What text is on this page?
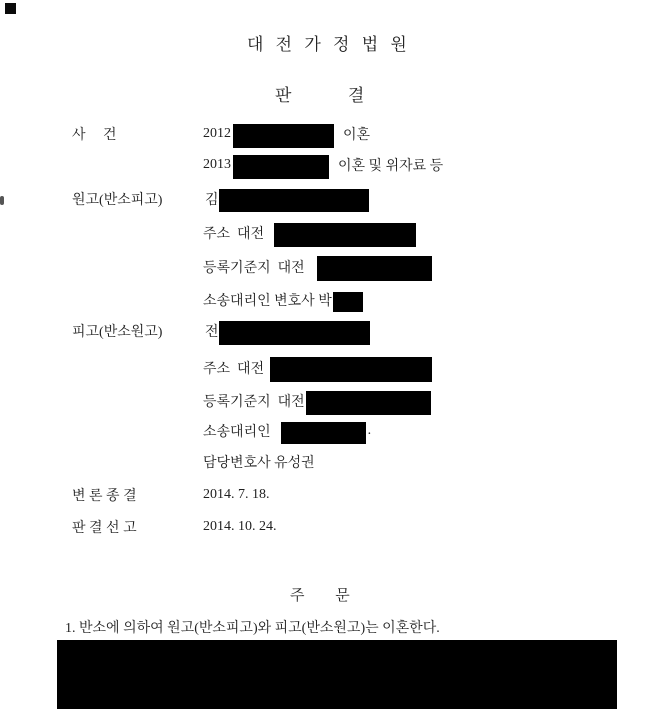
대 전 가 정 법 원
판        결
사     건	2012	이혼
2013	이혼 및 위자료 등
원고(반소피고)	김
주소  대전
등록기준지  대전
소송대리인 변호사 박
피고(반소원고)	전
주소  대전
등록기준지  대전
소송대리인	.
담당변호사 유성권
변 론 종 결	2014. 7. 18.
판 결 선 고	2014. 10. 24.
주     문
1. 반소에 의하여 원고(반소피고)와 피고(반소원고)는 이혼한다.
